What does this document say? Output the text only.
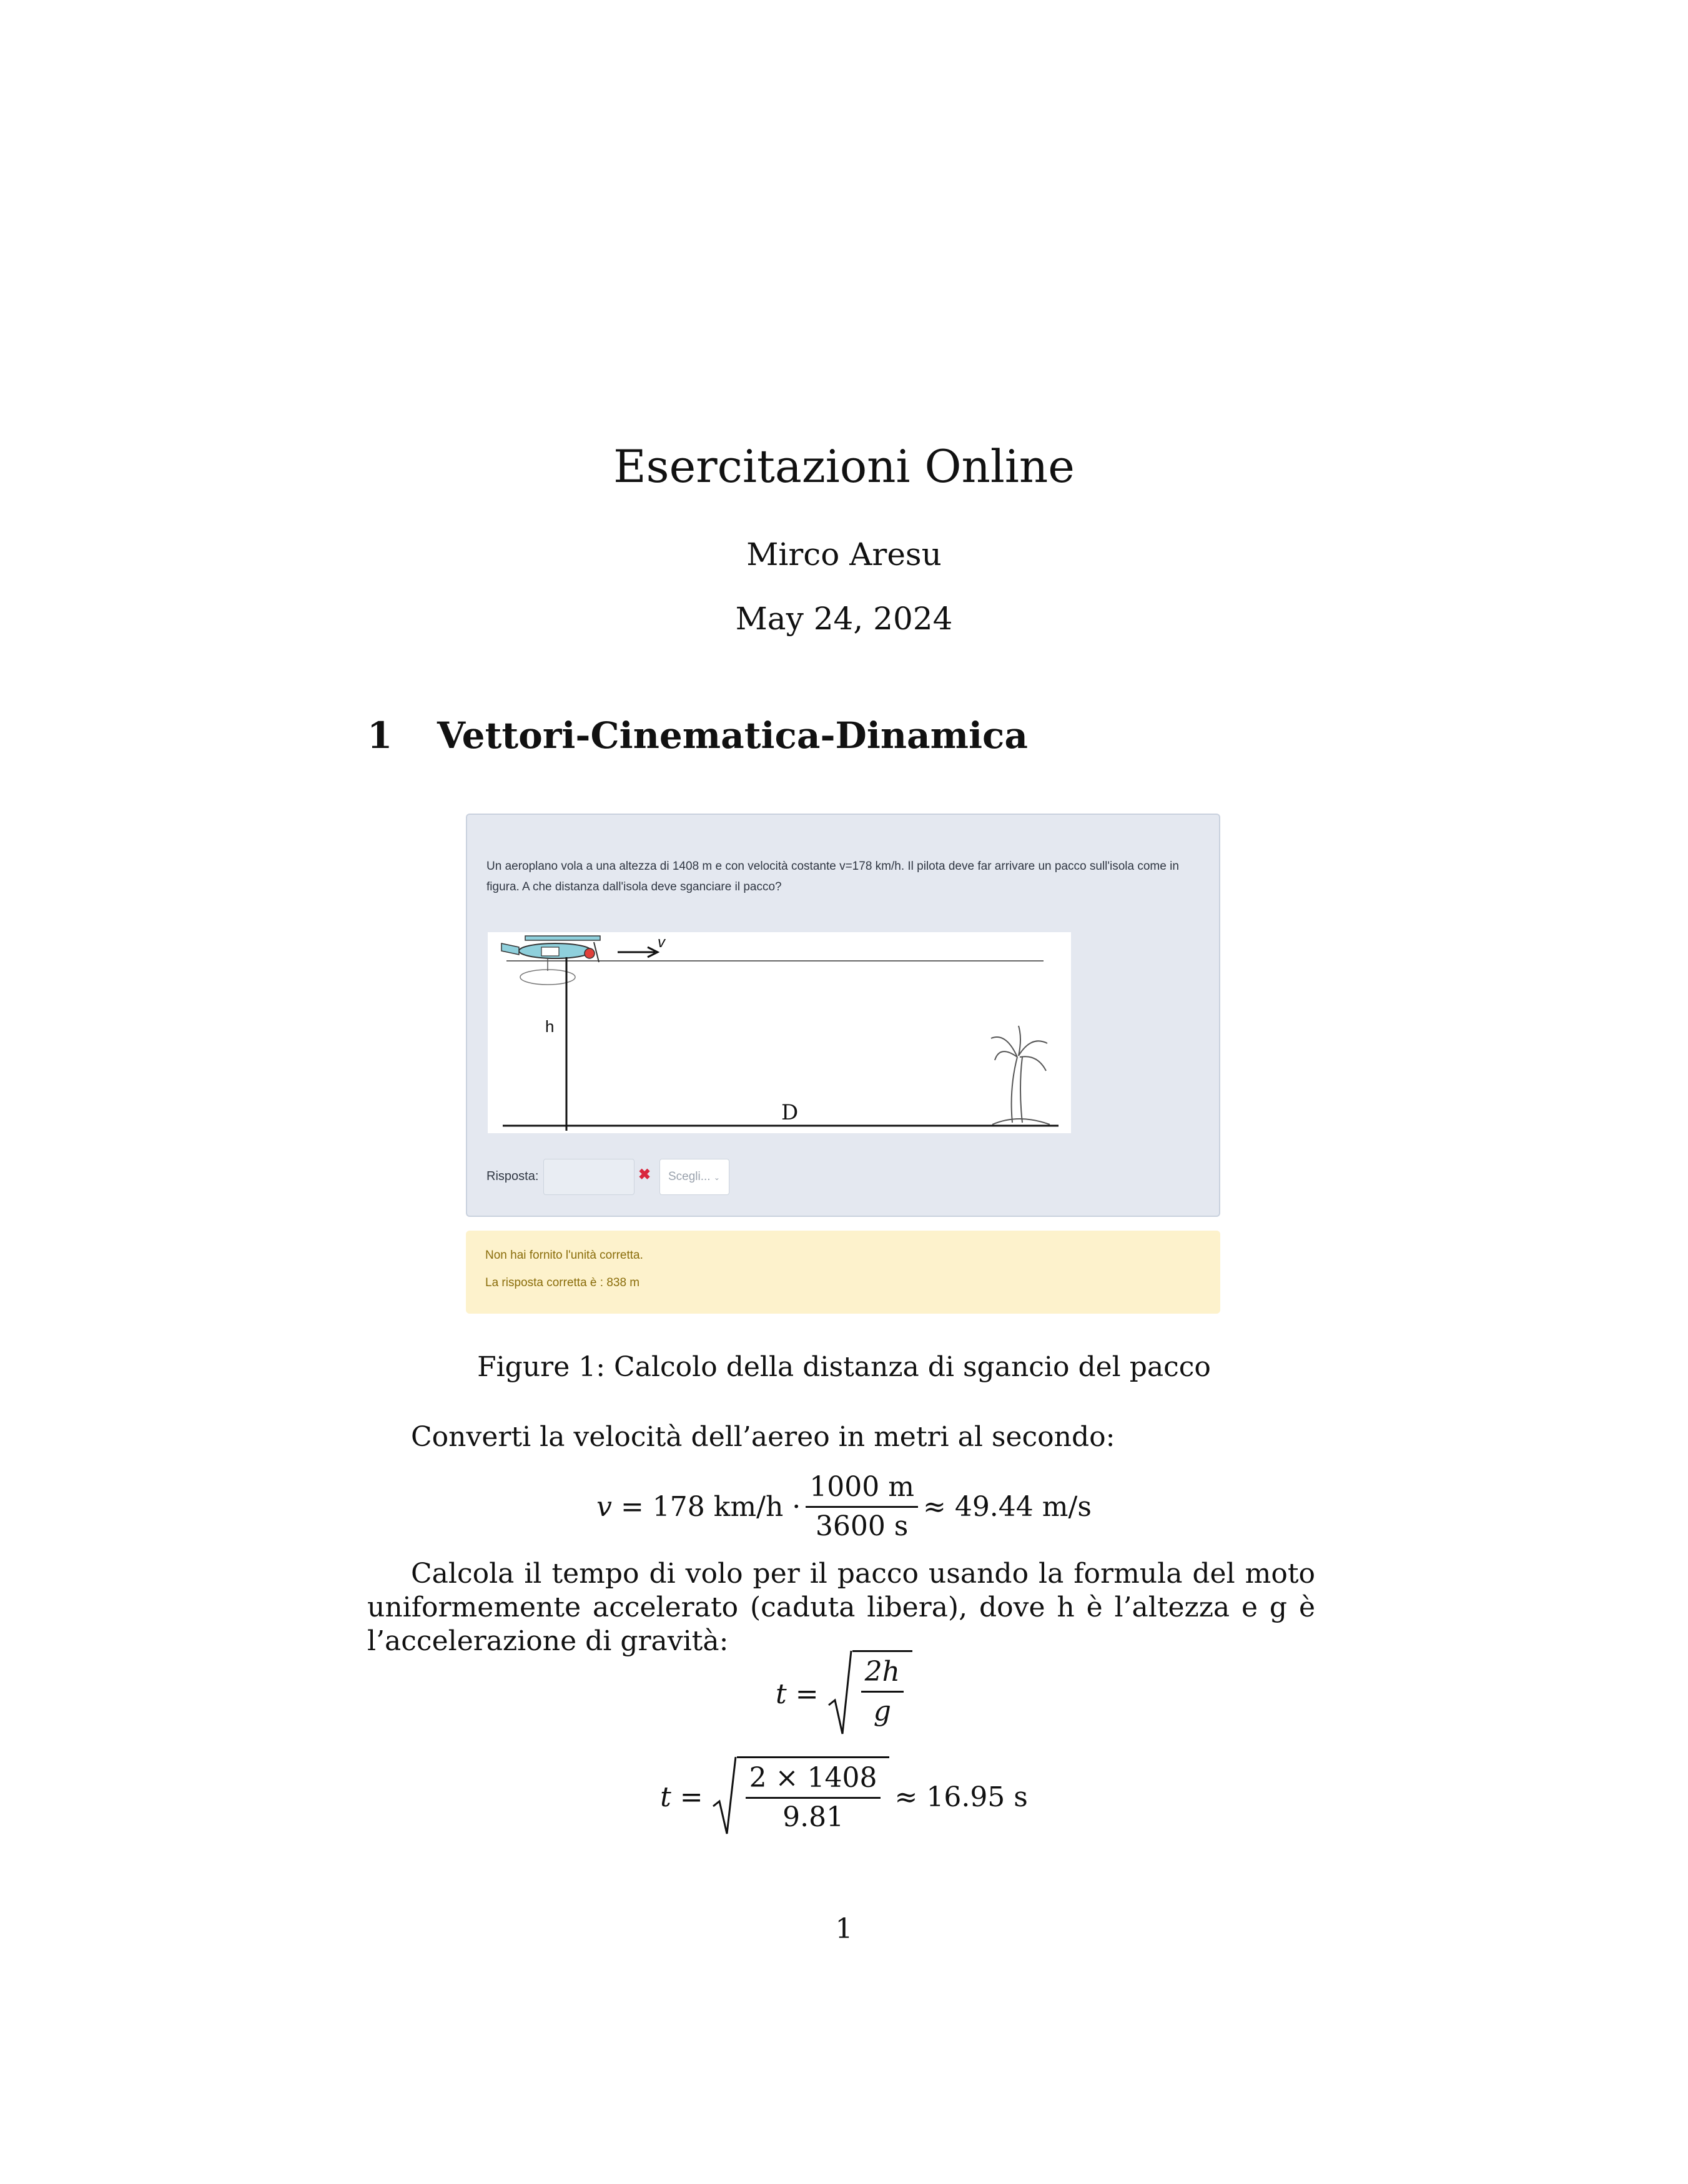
Esercitazioni Online
Mirco Aresu
May 24, 2024
1 Vettori-Cinematica-Dinamica
Un aeroplano vola a una altezza di 1408 m e con velocità costante v=178 km/h. Il pilota deve far arrivare un pacco sull'isola come in figura. A che distanza dall'isola deve sganciare il pacco?
v
h
D
Risposta:	✖	Scegli... ⌄
Non hai fornito l'unità corretta.
La risposta corretta è : 838 m
Figure 1: Calcolo della distanza di sgancio del pacco
Converti la velocità dell’aereo in metri al secondo:
v
= 178 $km/h \cdot \frac{1000 m}{3600 s} \approx 49.44$ m/s
Calcola il tempo di volo per il pacco usando la formula del moto uniformemente accelerato (caduta libera), dove h è l’altezza e g è l’accelerazione di gravità:
t
=
$\frac{2h}{g}$
t
=
$\frac{2 \times 1408}{9.81} \approx 16.95$ s
1
